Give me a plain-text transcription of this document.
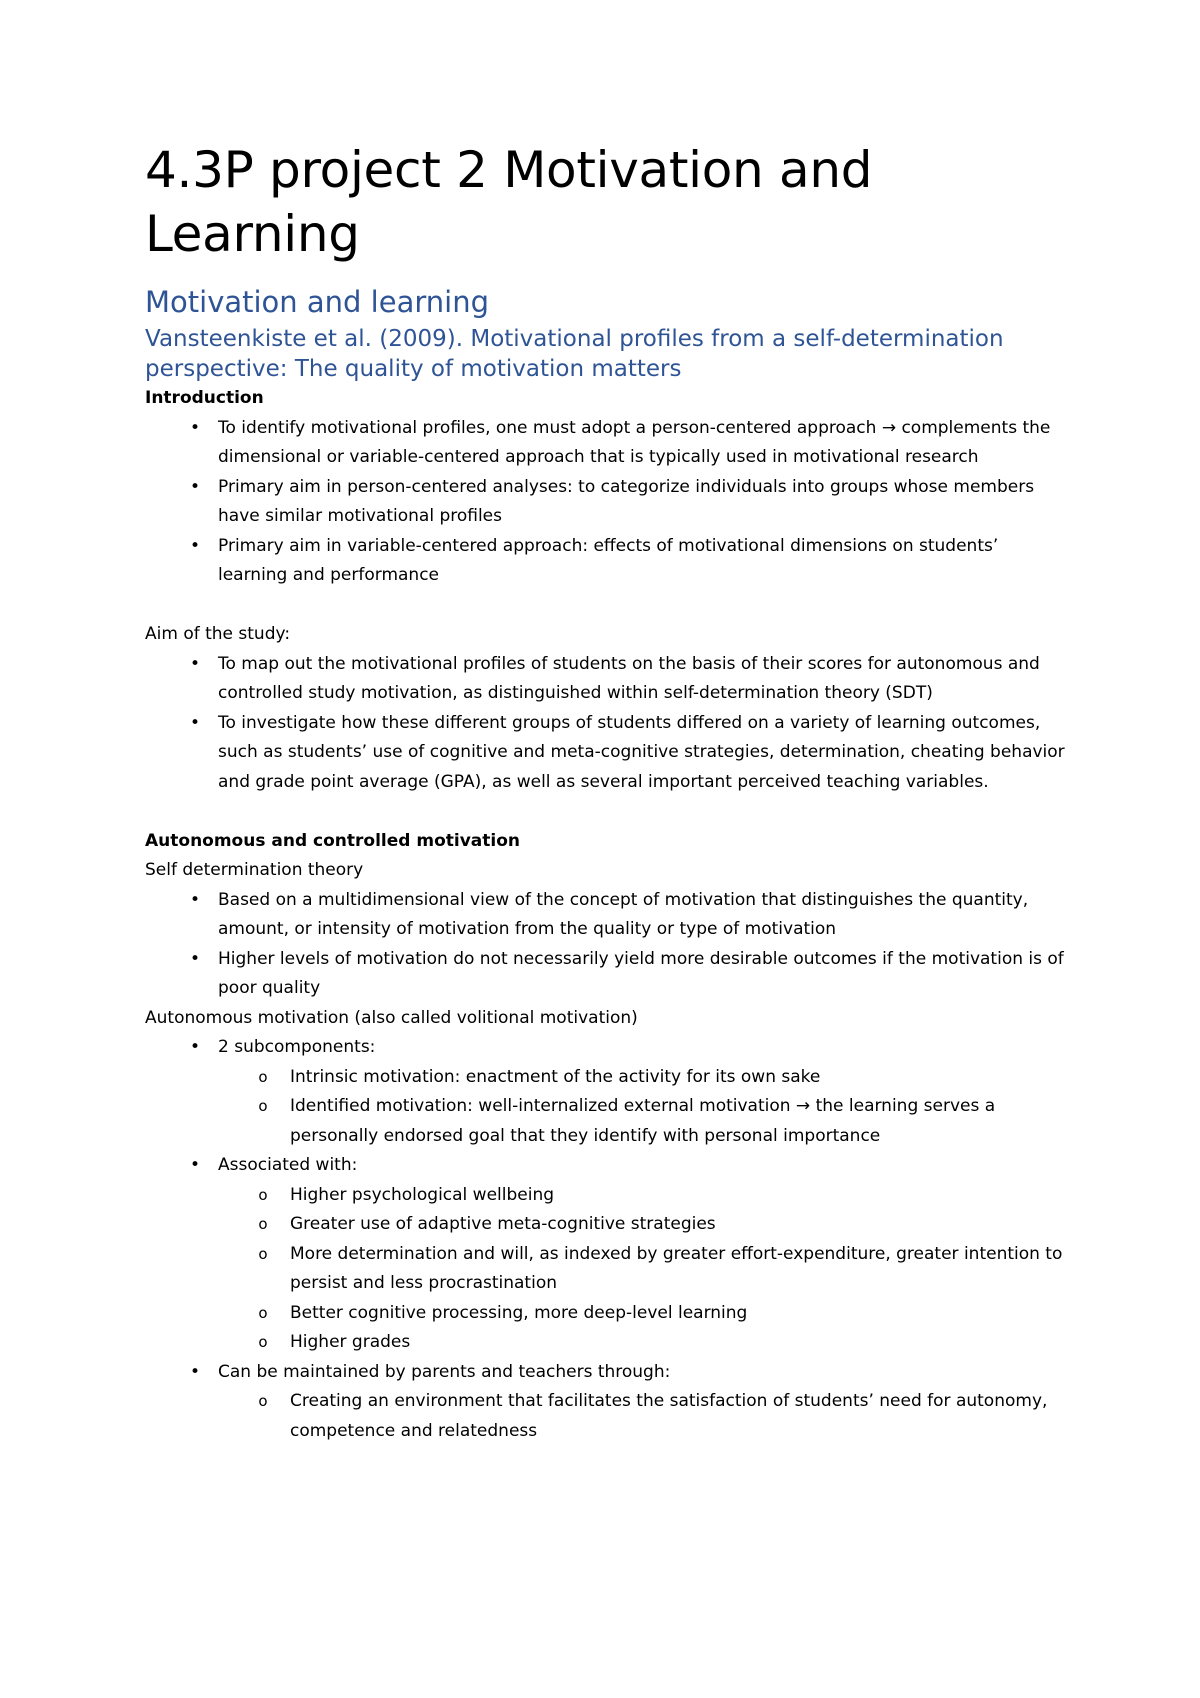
4.3P project 2 Motivation and Learning
Motivation and learning
Vansteenkiste et al. (2009). Motivational profiles from a self-determination perspective: The quality of motivation matters

Introduction

• To identify motivational profiles, one must adopt a person-centered approach → complements the dimensional or variable-centered approach that is typically used in motivational research
• Primary aim in person-centered analyses: to categorize individuals into groups whose members have similar motivational profiles
• Primary aim in variable-centered approach: effects of motivational dimensions on students’ learning and performance

Aim of the study:

• To map out the motivational profiles of students on the basis of their scores for autonomous and controlled study motivation, as distinguished within self-determination theory (SDT)
• To investigate how these different groups of students differed on a variety of learning outcomes, such as students’ use of cognitive and meta-cognitive strategies, determination, cheating behavior and grade point average (GPA), as well as several important perceived teaching variables.

Autonomous and controlled motivation

Self determination theory

• Based on a multidimensional view of the concept of motivation that distinguishes the quantity, amount, or intensity of motivation from the quality or type of motivation
• Higher levels of motivation do not necessarily yield more desirable outcomes if the motivation is of poor quality

Autonomous motivation (also called volitional motivation)

• 2 subcomponents:
o	Intrinsic motivation: enactment of the activity for its own sake
o	Identified motivation: well-internalized external motivation → the learning serves a personally endorsed goal that they identify with personal importance
• Associated with:
o	Higher psychological wellbeing
o	Greater use of adaptive meta-cognitive strategies
o	More determination and will, as indexed by greater effort-expenditure, greater intention to persist and less procrastination
o	Better cognitive processing, more deep-level learning
o	Higher grades
• Can be maintained by parents and teachers through:
o	Creating an environment that facilitates the satisfaction of students’ need for autonomy, competence and relatedness
